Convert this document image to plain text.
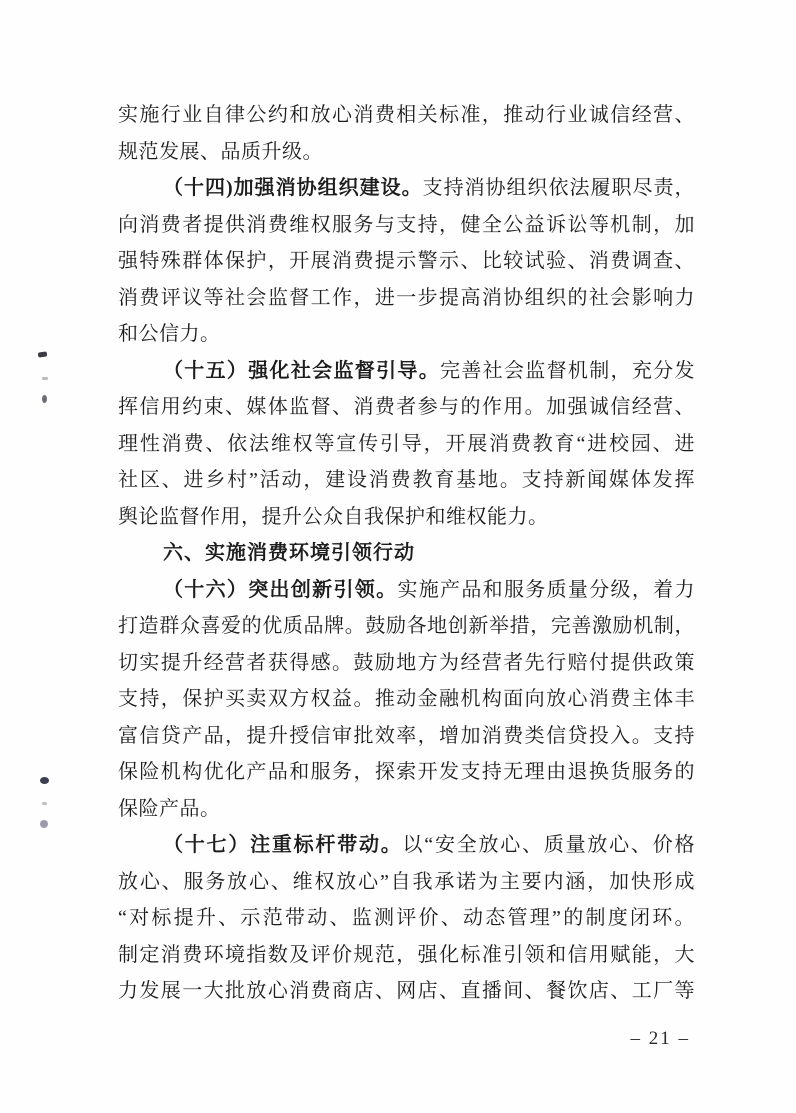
实施行业自律公约和放心消费相关标准，推动行业诚信经营、
规范发展、品质升级。
（十四)加强消协组织建设。支持消协组织依法履职尽责，
向消费者提供消费维权服务与支持，健全公益诉讼等机制，加
强特殊群体保护，开展消费提示警示、比较试验、消费调查、
消费评议等社会监督工作，进一步提高消协组织的社会影响力
和公信力。
（十五）强化社会监督引导。完善社会监督机制，充分发
挥信用约束、媒体监督、消费者参与的作用。加强诚信经营、
理性消费、依法维权等宣传引导，开展消费教育“进校园、进
社区、进乡村”活动，建设消费教育基地。支持新闻媒体发挥
舆论监督作用，提升公众自我保护和维权能力。
六、实施消费环境引领行动
（十六）突出创新引领。实施产品和服务质量分级，着力
打造群众喜爱的优质品牌。鼓励各地创新举措，完善激励机制，
切实提升经营者获得感。鼓励地方为经营者先行赔付提供政策
支持，保护买卖双方权益。推动金融机构面向放心消费主体丰
富信贷产品，提升授信审批效率，增加消费类信贷投入。支持
保险机构优化产品和服务，探索开发支持无理由退换货服务的
保险产品。
（十七）注重标杆带动。以“安全放心、质量放心、价格
放心、服务放心、维权放心”自我承诺为主要内涵，加快形成
“对标提升、示范带动、监测评价、动态管理”的制度闭环。
制定消费环境指数及评价规范，强化标准引领和信用赋能，大
力发展一大批放心消费商店、网店、直播间、餐饮店、工厂等
– 21 –
